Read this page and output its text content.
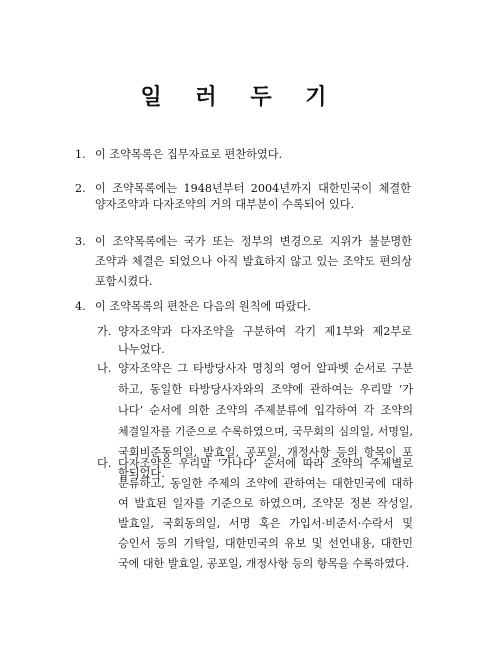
일 러 두 기
1. 이 조약목록은 집무자료로 편찬하였다.
2. 이 조약목록에는 1948년부터 2004년까지 대한민국이 체결한
양자조약과 다자조약의 거의 대부분이 수록되어 있다.
3. 이 조약목록에는 국가 또는 정부의 변경으로 지위가 불분명한
조약과 체결은 되었으나 아직 발효하지 않고 있는 조약도 편의상
포함시켰다.
4. 이 조약목록의 편찬은 다음의 원칙에 따랐다.
가. 양자조약과 다자조약을 구분하여 각기 제1부와 제2부로
나누었다.
나. 양자조약은 그 타방당사자 명칭의 영어 알파벳 순서로 구분
하고, 동일한 타방당사자와의 조약에 관하여는 우리말 ‘가
나다’ 순서에 의한 조약의 주제분류에 입각하여 각 조약의
체결일자를 기준으로 수록하였으며, 국무회의 심의일, 서명일,
국회비준동의일, 발효일, 공포일, 개정사항 등의 항목이 포
함되었다.
다. 다자조약은 우리말 ‘가나다’ 순서에 따라 조약의 주제별로
분류하고, 동일한 주제의 조약에 관하여는 대한민국에 대하
여 발효된 일자를 기준으로 하였으며, 조약문 정본 작성일,
발효일, 국회동의일, 서명 혹은 가입서·비준서·수락서 및
승인서 등의 기탁일, 대한민국의 유보 및 선언내용, 대한민
국에 대한 발효일, 공포일, 개정사항 등의 항목을 수록하였다.
